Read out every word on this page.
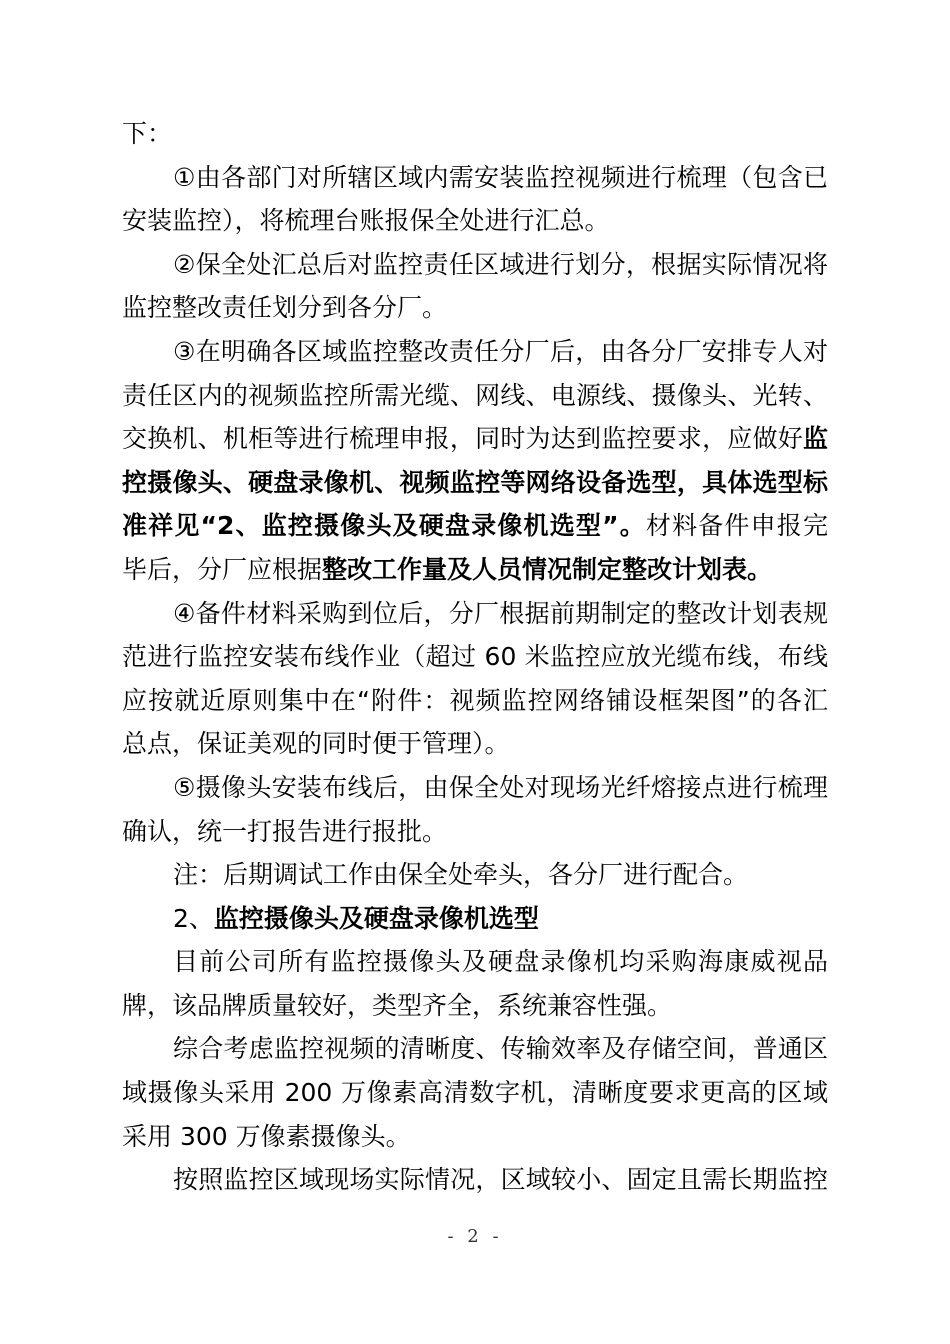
下：
①由各部门对所辖区域内需安装监控视频进行梳理（包含已
安装监控），将梳理台账报保全处进行汇总。
②保全处汇总后对监控责任区域进行划分，根据实际情况将
监控整改责任划分到各分厂。
③在明确各区域监控整改责任分厂后，由各分厂安排专人对
责任区内的视频监控所需光缆、网线、电源线、摄像头、光转、
交换机、机柜等进行梳理申报，同时为达到监控要求，应做好监
控摄像头、硬盘录像机、视频监控等网络设备选型，具体选型标
准祥见“2、监控摄像头及硬盘录像机选型”。材料备件申报完
毕后，分厂应根据整改工作量及人员情况制定整改计划表。
④备件材料采购到位后，分厂根据前期制定的整改计划表规
范进行监控安装布线作业（超过 60 米监控应放光缆布线，布线
应按就近原则集中在“附件：视频监控网络铺设框架图”的各汇
总点，保证美观的同时便于管理）。
⑤摄像头安装布线后，由保全处对现场光纤熔接点进行梳理
确认，统一打报告进行报批。
注：后期调试工作由保全处牵头，各分厂进行配合。
2、监控摄像头及硬盘录像机选型
目前公司所有监控摄像头及硬盘录像机均采购海康威视品
牌，该品牌质量较好，类型齐全，系统兼容性强。
综合考虑监控视频的清晰度、传输效率及存储空间，普通区
域摄像头采用 200 万像素高清数字机，清晰度要求更高的区域
采用 300 万像素摄像头。
按照监控区域现场实际情况，区域较小、固定且需长期监控
- 2 -
